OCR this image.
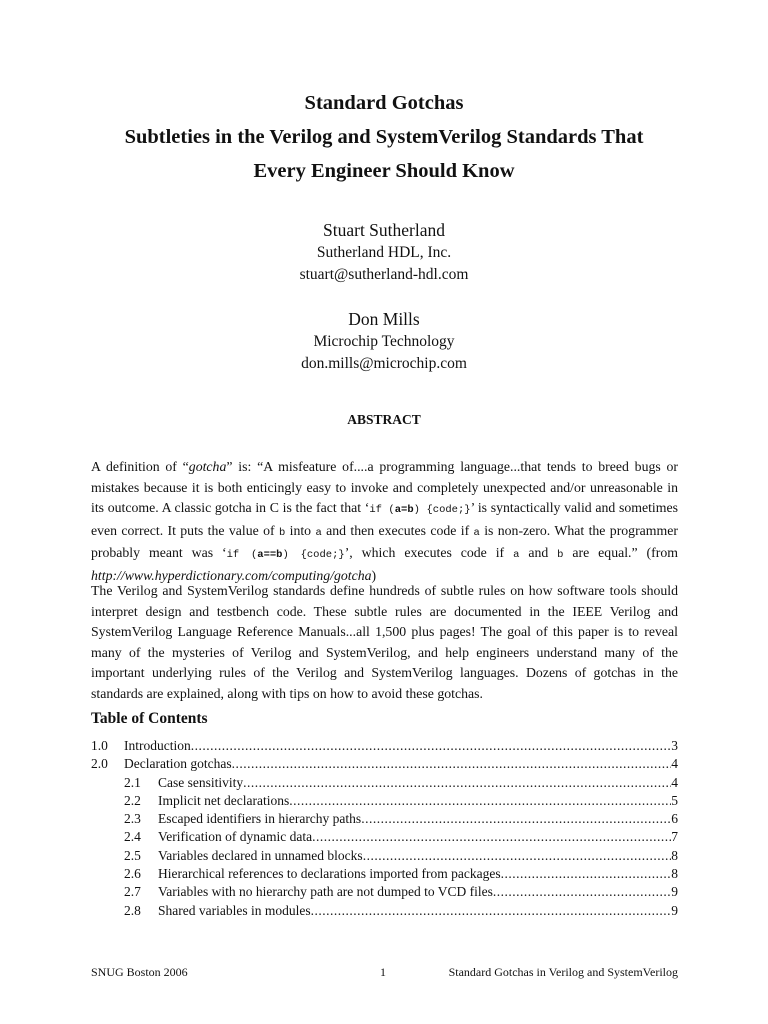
Standard Gotchas
Subtleties in the Verilog and SystemVerilog Standards That
Every Engineer Should Know
Stuart Sutherland
Sutherland HDL, Inc.
stuart@sutherland-hdl.com
Don Mills
Microchip Technology
don.mills@microchip.com
ABSTRACT
A definition of “gotcha” is: “A misfeature of....a programming language...that tends to breed bugs or mistakes because it is both enticingly easy to invoke and completely unexpected and/or unreasonable in its outcome. A classic gotcha in C is the fact that ‘if (a=b) {code;}’ is syntactically valid and sometimes even correct. It puts the value of b into a and then executes code if a is non-zero. What the programmer probably meant was ‘if (a==b) {code;}’, which executes code if a and b are equal.” (from http://www.hyperdictionary.com/computing/gotcha)
The Verilog and SystemVerilog standards define hundreds of subtle rules on how software tools should interpret design and testbench code. These subtle rules are documented in the IEEE Verilog and SystemVerilog Language Reference Manuals...all 1,500 plus pages! The goal of this paper is to reveal many of the mysteries of Verilog and SystemVerilog, and help engineers understand many of the important underlying rules of the Verilog and SystemVerilog languages. Dozens of gotchas in the standards are explained, along with tips on how to avoid these gotchas.
Table of Contents
1.0	Introduction .....	3
2.0	Declaration gotchas .....	4
2.1	Case sensitivity .....	4
2.2	Implicit net declarations .....	5
2.3	Escaped identifiers in hierarchy paths .....	6
2.4	Verification of dynamic data .....	7
2.5	Variables declared in unnamed blocks .....	8
2.6	Hierarchical references to declarations imported from packages .....	8
2.7	Variables with no hierarchy path are not dumped to VCD files .....	9
2.8	Shared variables in modules .....	9
SNUG Boston 2006	1	Standard Gotchas in Verilog and SystemVerilog
